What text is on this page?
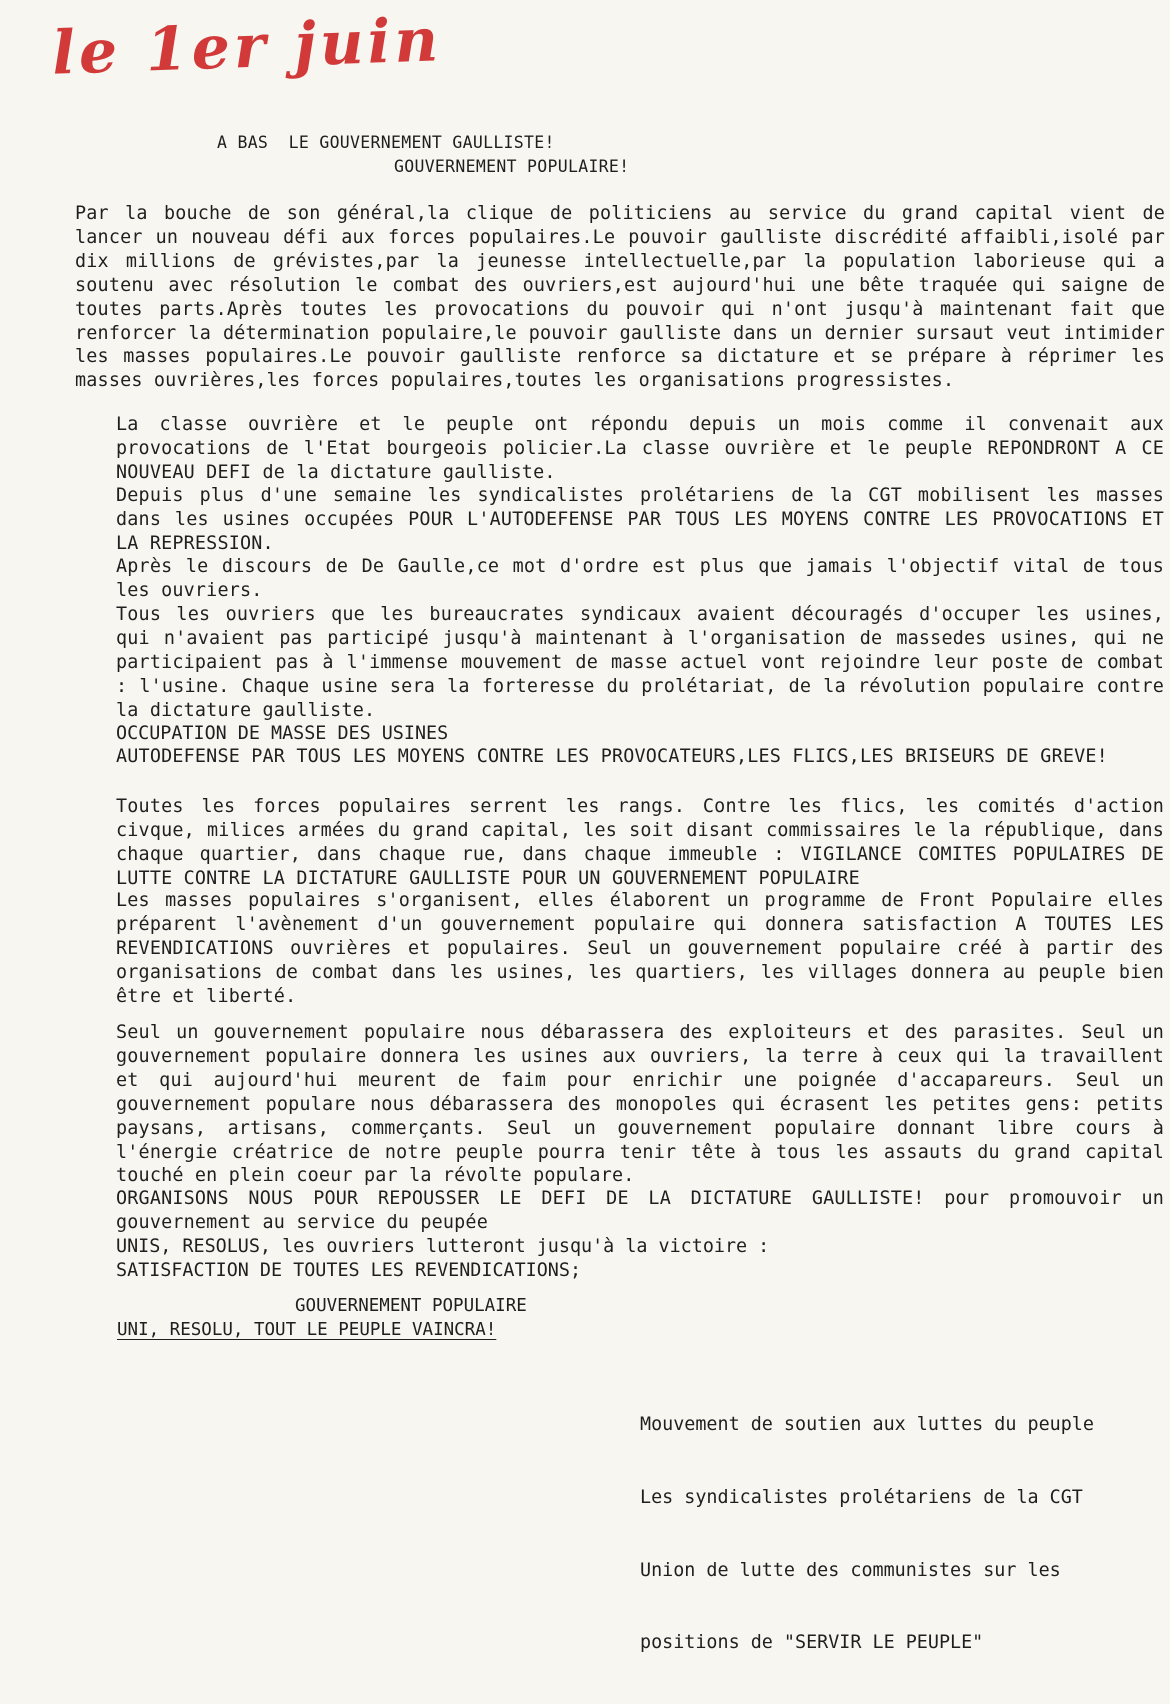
le 1er juin
A BAS  LE GOUVERNEMENT GAULLISTE!
GOUVERNEMENT POPULAIRE!

Par la bouche de son général,la clique de politiciens au service du grand capital vient de lancer un nouveau défi aux forces populaires.Le pouvoir gaulliste discrédité affaibli,isolé par dix millions de grévistes,par la jeunesse intellectuelle,par la population laborieuse qui a soutenu avec résolution le combat des ouvriers,est aujourd'hui une bête traquée qui saigne de toutes parts.Après toutes les provocations du pouvoir qui n'ont jusqu'à maintenant fait que renforcer la détermination populaire,le pouvoir gaulliste dans un dernier sursaut veut intimider les masses populaires.Le pouvoir gaulliste renforce sa dictature et se prépare à réprimer les masses ouvrières,les forces populaires,toutes les organisations progressistes.

La classe ouvrière et le peuple ont répondu depuis un mois comme il convenait aux provocations de l'Etat bourgeois policier.La classe ouvrière et le peuple REPONDRONT A CE NOUVEAU DEFI de la dictature gaulliste.

Depuis plus d'une semaine les syndicalistes prolétariens de la CGT mobilisent les masses dans les usines occupées POUR L'AUTODEFENSE PAR TOUS LES MOYENS CONTRE LES PROVOCATIONS ET LA REPRESSION.

Après le discours de De Gaulle,ce mot d'ordre est plus que jamais l'objectif vital de tous les ouvriers.

Tous les ouvriers que les bureaucrates syndicaux avaient découragés d'occuper les usines, qui n'avaient pas participé jusqu'à maintenant à l'organisation de massedes usines, qui ne participaient pas à l'immense mouvement de masse actuel vont rejoindre leur poste de combat : l'usine. Chaque usine sera la forteresse du prolétariat, de la révolution populaire contre la dictature gaulliste.

OCCUPATION DE MASSE DES USINES

AUTODEFENSE PAR TOUS LES MOYENS CONTRE LES PROVOCATEURS,LES FLICS,LES BRISEURS DE GREVE!

Toutes les forces populaires serrent les rangs. Contre les flics, les comités d'action civque, milices armées du grand capital, les soit disant commissaires le la république, dans chaque quartier, dans chaque rue, dans chaque immeuble : VIGILANCE COMITES POPULAIRES DE LUTTE CONTRE LA DICTATURE GAULLISTE POUR UN GOUVERNEMENT POPULAIRE

Les masses populaires s'organisent, elles élaborent un programme de Front Populaire elles préparent l'avènement d'un gouvernement populaire qui donnera satisfaction A TOUTES LES REVENDICATIONS ouvrières et populaires. Seul un gouvernement populaire créé à partir des organisations de combat dans les usines, les quartiers, les villages donnera au peuple bien être et liberté.

Seul un gouvernement populaire nous débarassera des exploiteurs et des parasites. Seul un gouvernement populaire donnera les usines aux ouvriers, la terre à ceux qui la travaillent et qui aujourd'hui meurent de faim pour enrichir une poignée d'accapareurs. Seul un gouvernement populare nous débarassera des monopoles qui écrasent les petites gens: petits paysans, artisans, commerçants. Seul un gouvernement populaire donnant libre cours à l'énergie créatrice de notre peuple pourra tenir tête à tous les assauts du grand capital touché en plein coeur par la révolte populare.

ORGANISONS NOUS POUR REPOUSSER LE DEFI DE LA DICTATURE GAULLISTE! pour promouvoir un gouvernement au service du peupée

UNIS, RESOLUS, les ouvriers lutteront jusqu'à la victoire :
SATISFACTION DE TOUTES LES REVENDICATIONS;
GOUVERNEMENT POPULAIRE
UNI, RESOLU, TOUT LE PEUPLE VAINCRA!

Mouvement de soutien aux luttes du peuple

Les syndicalistes prolétariens de la CGT

Union de lutte des communistes sur les

positions de "SERVIR LE PEUPLE"
